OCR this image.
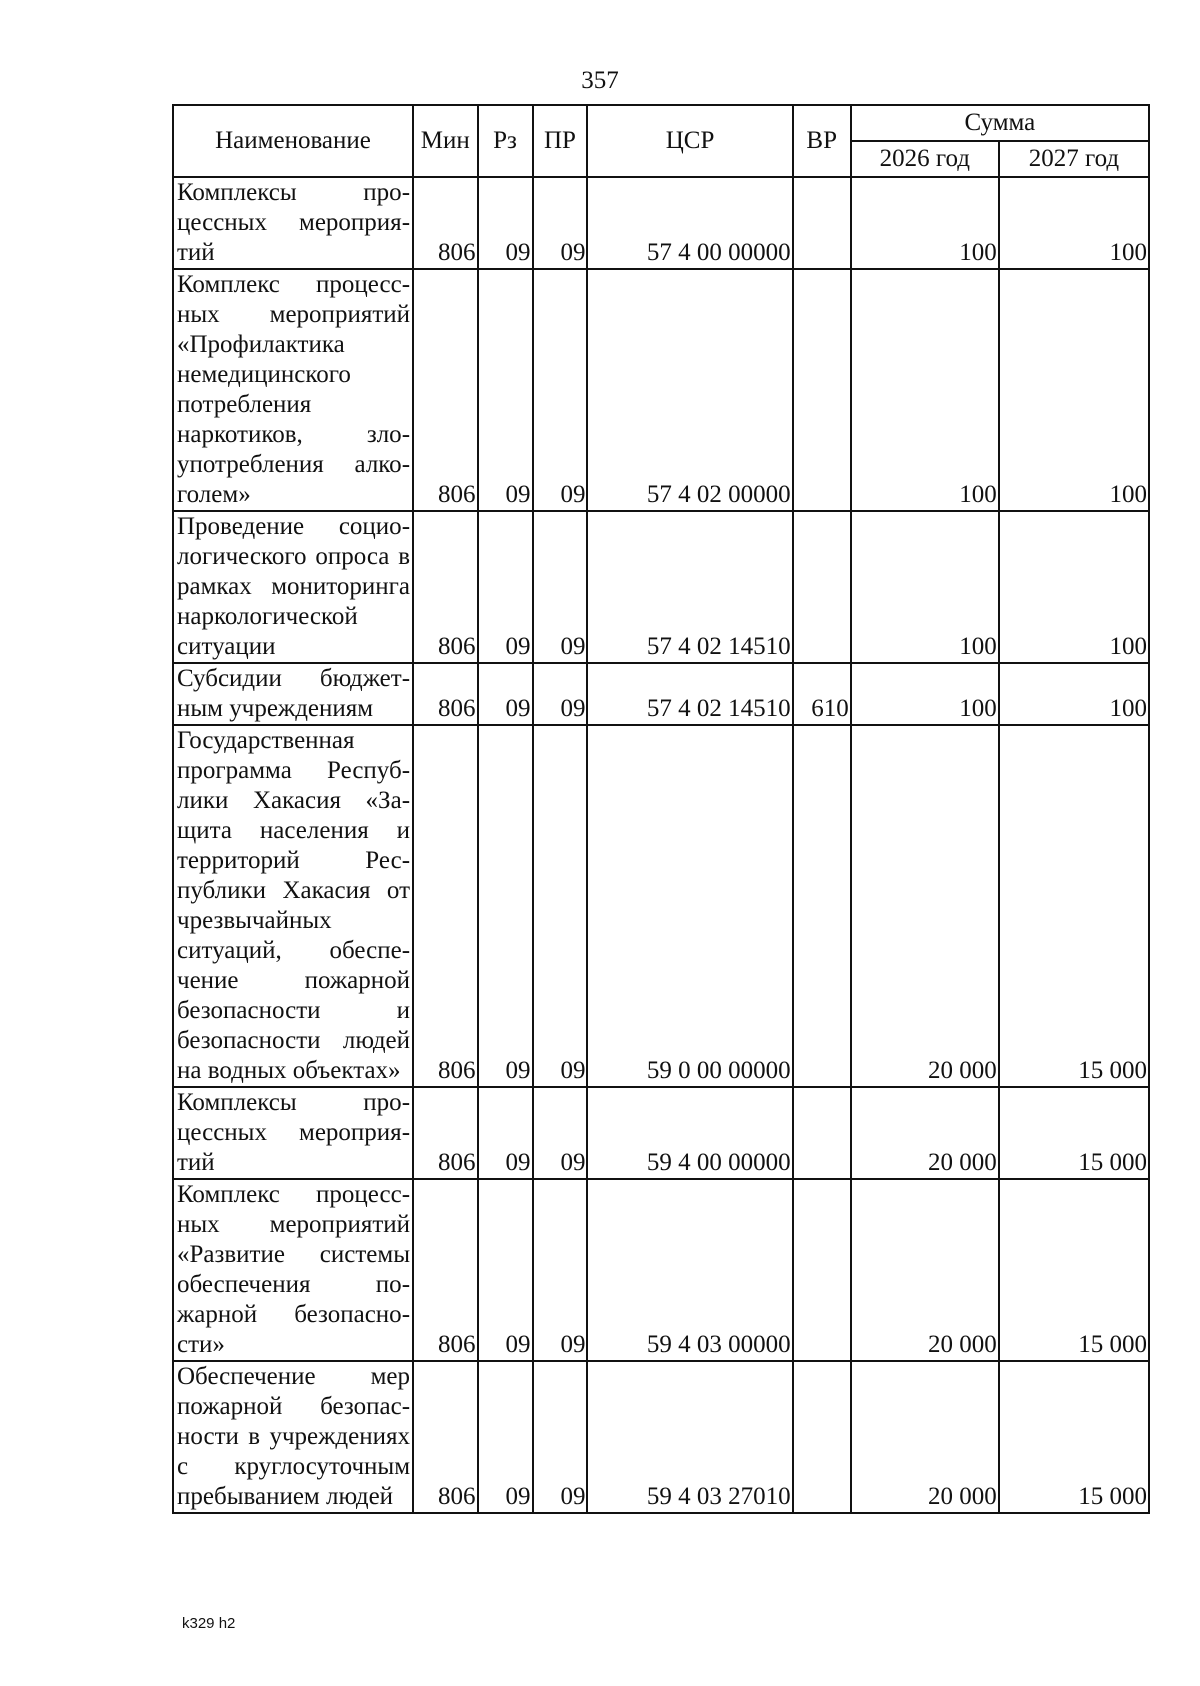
357
Наименование	Мин	Рз	ПР	ЦСР	ВР	Сумма	
						2026 год	2027 год
Комплексы процессных мероприятий	806	09	09	57 4 00 00000		100	100
Комплекс процессных мероприятий «Профилактика немедицинского потребления наркотиков, злоупотребления алкоголем»	806	09	09	57 4 02 00000		100	100
Проведение социологического опроса в рамках мониторинга наркологической ситуации	806	09	09	57 4 02 14510		100	100
Субсидии бюджетным учреждениям	806	09	09	57 4 02 14510	610	100	100
Государственная программа Республики Хакасия «Защита населения и территорий Республики Хакасия от чрезвычайных ситуаций, обеспечение пожарной безопасности и безопасности людей на водных объектах»	806	09	09	59 0 00 00000		20 000	15 000
Комплексы процессных мероприятий	806	09	09	59 4 00 00000		20 000	15 000
Комплекс процессных мероприятий «Развитие системы обеспечения пожарной безопасности»	806	09	09	59 4 03 00000		20 000	15 000
Обеспечение мер пожарной безопасности в учреждениях с круглосуточным пребыванием людей	806	09	09	59 4 03 27010		20 000	15 000
k329 h2
